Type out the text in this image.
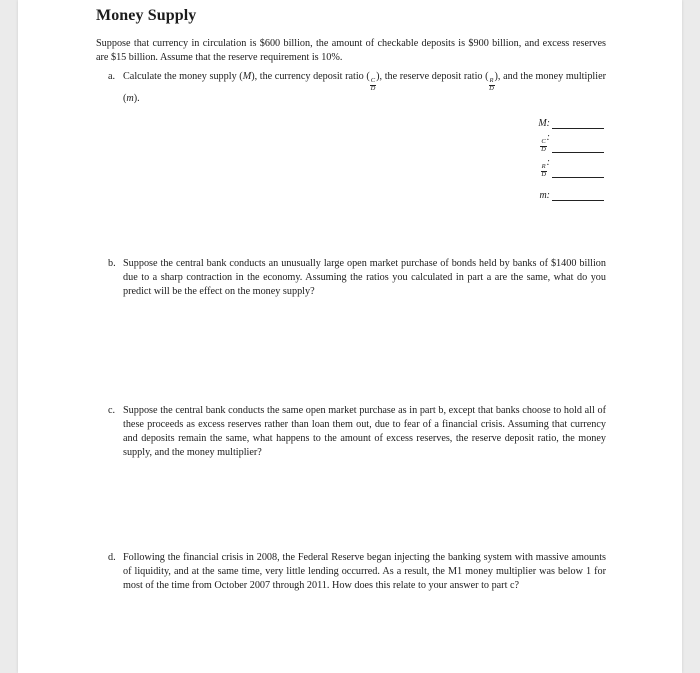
Money Supply
Suppose that currency in circulation is $600 billion, the amount of checkable deposits is $900 billion, and excess reserves are $15 billion. Assume that the reserve requirement is 10%.
a. Calculate the money supply (M), the currency deposit ratio (
$\frac{C}{D}$
), the reserve deposit ratio (
$\frac{R}{D}$
), and the money multiplier (m).
M:
$\frac{C}{D}$
:
$\frac{R}{D}$
:
m:
b. Suppose the central bank conducts an unusually large open market purchase of bonds held by banks of $1400 billion due to a sharp contraction in the economy. Assuming the ratios you calculated in part a are the same, what do you predict will be the effect on the money supply?
c. Suppose the central bank conducts the same open market purchase as in part b, except that banks choose to hold all of these proceeds as excess reserves rather than loan them out, due to fear of a financial crisis. Assuming that currency and deposits remain the same, what happens to the amount of excess reserves, the reserve deposit ratio, the money supply, and the money multiplier?
d. Following the financial crisis in 2008, the Federal Reserve began injecting the banking system with massive amounts of liquidity, and at the same time, very little lending occurred. As a result, the M1 money multiplier was below 1 for most of the time from October 2007 through 2011. How does this relate to your answer to part c?
